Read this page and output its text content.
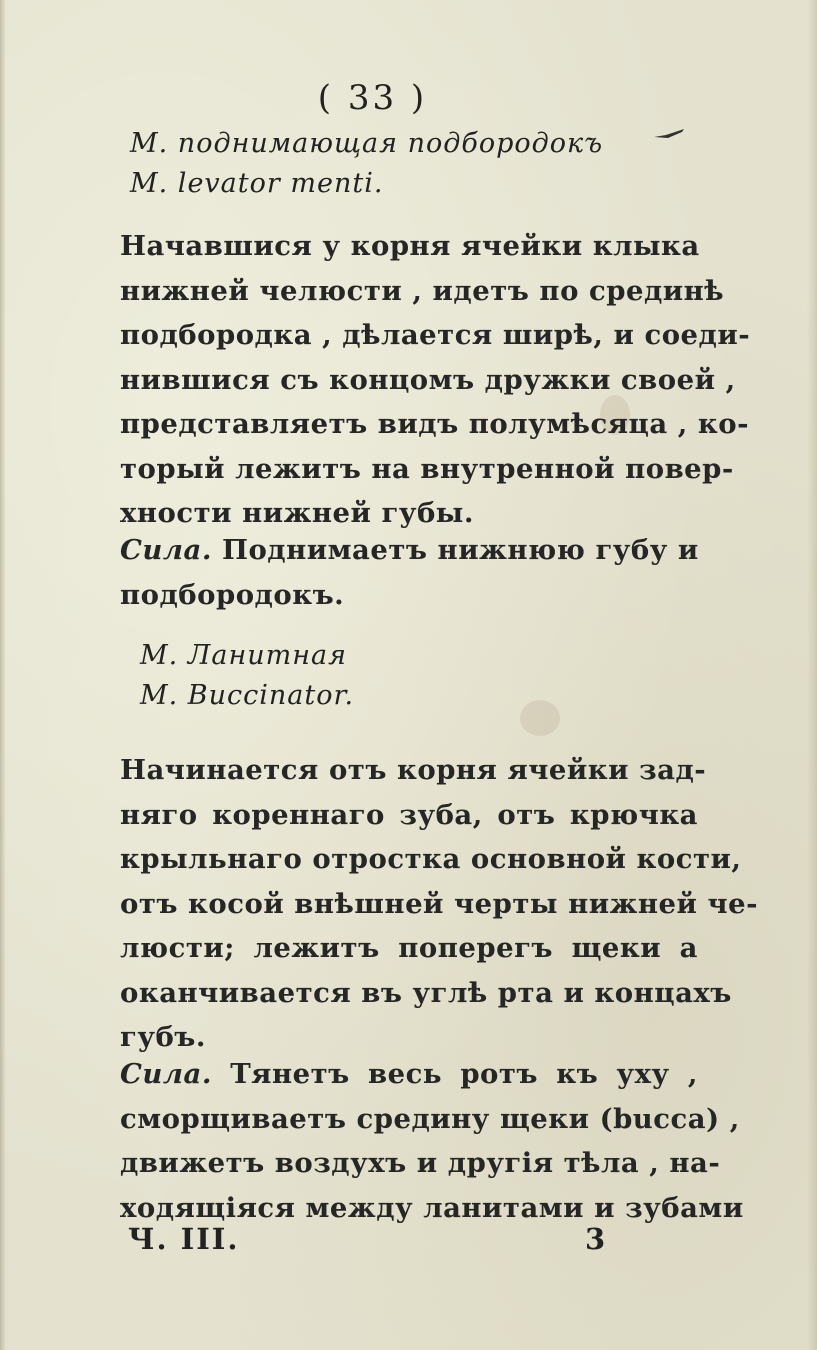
( 33 )
M. поднимающая подбородокъ
M. levator menti.
Начавшися у корня ячейки клыка
нижней челюсти , идетъ по срединѣ
подбородка , дѣлается ширѣ, и соеди-
нившися съ концомъ дружки своей ,
представляетъ видъ полумѣсяца , ко-
торый лежитъ на внутренной повер-
хности нижней губы.
Сила. Поднимаетъ нижнюю губу и
подбородокъ.
M. Ланитная
M. Buccinator.
Начинается отъ корня ячейки зад-
няго кореннаго зуба, отъ крючка
крыльнаго отростка основной кости,
отъ косой внѣшней черты нижней че-
люсти; лежитъ поперегъ щеки а
оканчивается въ углѣ рта и концахъ
губъ.
Сила. Тянетъ весь ротъ къ уху ,
сморщиваетъ средину щеки (bucca) ,
движетъ воздухъ и другія тѣла , на-
ходящіяся между ланитами и зубами
Ч. III.	3
